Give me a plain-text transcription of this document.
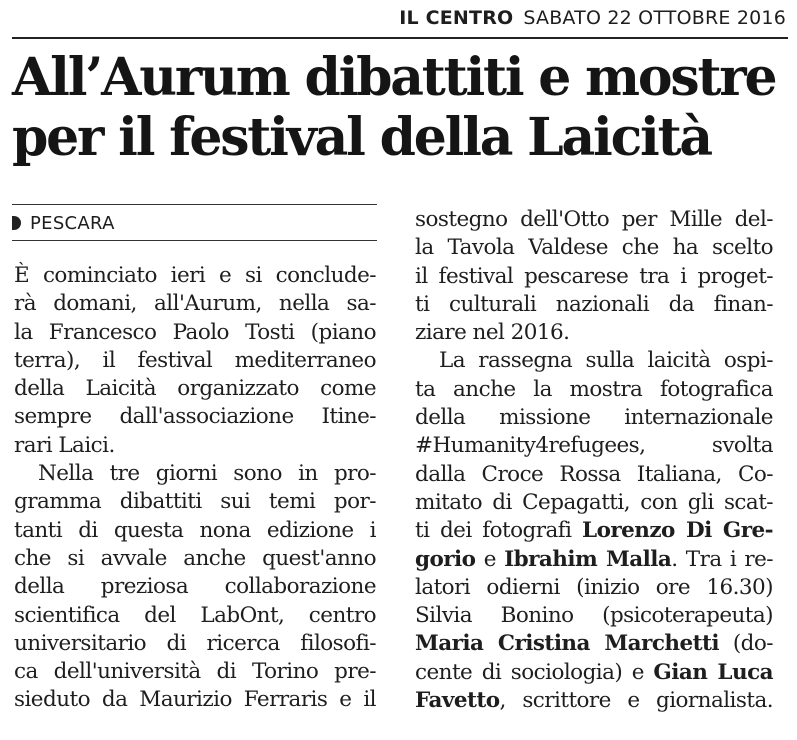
IL CENTRO SABATO 22 OTTOBRE 2016
All’Aurum dibattiti e mostre
per il festival della Laicità
PESCARA
È cominciato ieri e si conclude-
rà domani, all'Aurum, nella sa-
la Francesco Paolo Tosti (piano
terra), il festival mediterraneo
della Laicità organizzato come
sempre dall'associazione Itine-
rari Laici.
Nella tre giorni sono in pro-
gramma dibattiti sui temi por-
tanti di questa nona edizione i
che si avvale anche quest'anno
della preziosa collaborazione
scientifica del LabOnt, centro
universitario di ricerca filosofi-
ca dell'università di Torino pre-
sieduto da Maurizio Ferraris e il
sostegno dell'Otto per Mille del-
la Tavola Valdese che ha scelto
il festival pescarese tra i proget-
ti culturali nazionali da finan-
ziare nel 2016.
La rassegna sulla laicità ospi-
ta anche la mostra fotografica
della missione internazionale
#Humanity4refugees, svolta
dalla Croce Rossa Italiana, Co-
mitato di Cepagatti, con gli scat-
ti dei fotografi Lorenzo Di Gre-
gorio e Ibrahim Malla. Tra i re-
latori odierni (inizio ore 16.30)
Silvia Bonino (psicoterapeuta)
Maria Cristina Marchetti (do-
cente di sociologia) e Gian Luca
Favetto, scrittore e giornalista.
